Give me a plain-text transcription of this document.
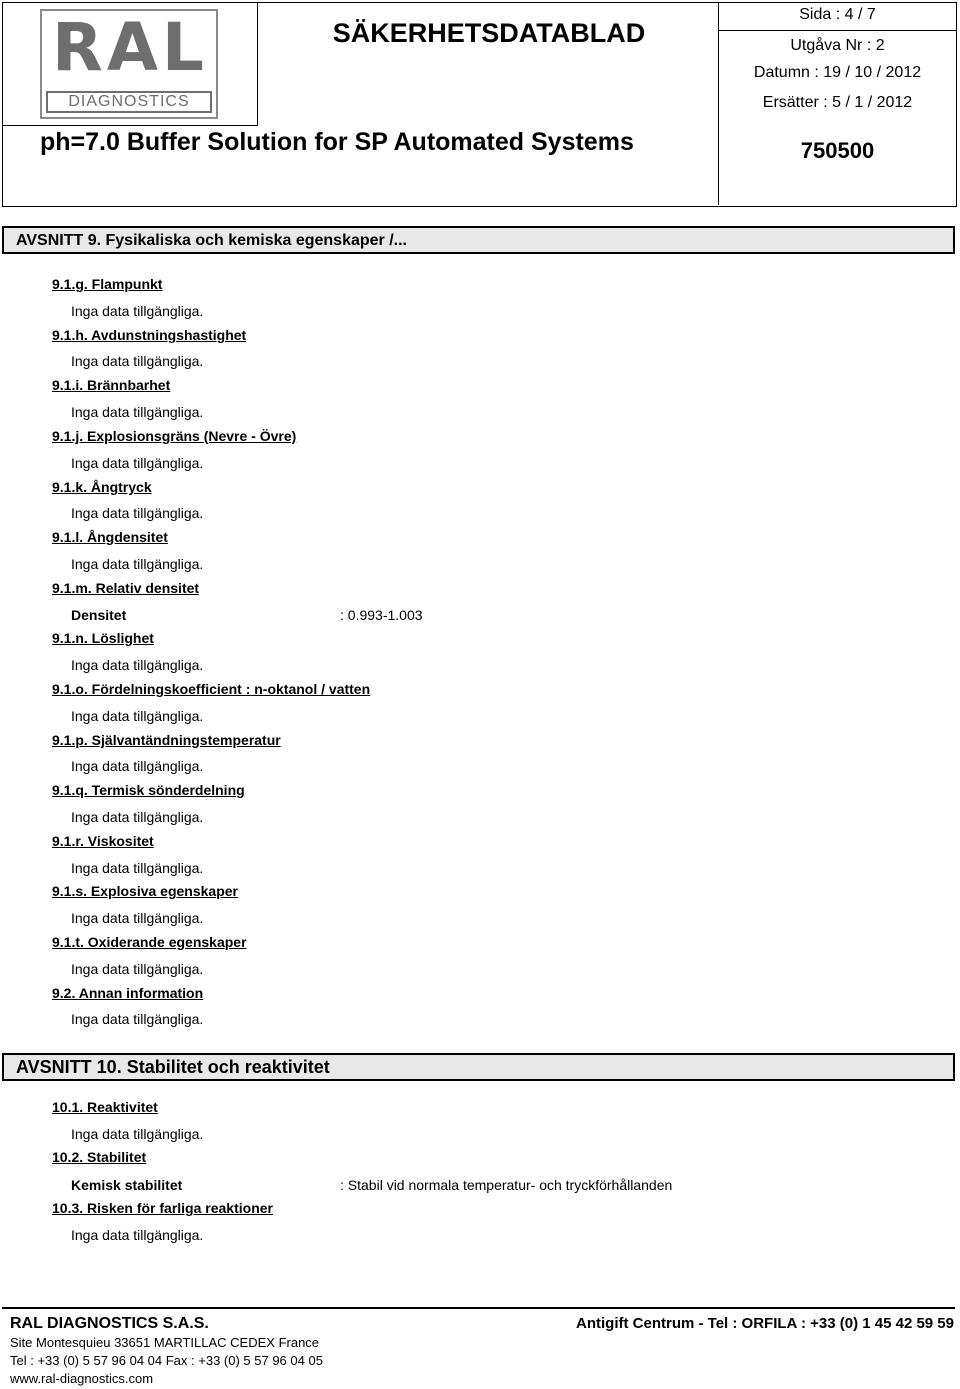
RAL
DIAGNOSTICS
SÄKERHETSDATABLAD
Sida : 4 / 7
Utgåva Nr : 2
Datumn : 19 / 10 / 2012
Ersätter : 5 / 1 / 2012
ph=7.0 Buffer Solution for SP Automated Systems	750500
AVSNITT 9. Fysikaliska och kemiska egenskaper /...
9.1.g. Flampunkt
Inga data tillgängliga.
9.1.h. Avdunstningshastighet
Inga data tillgängliga.
9.1.i. Brännbarhet
Inga data tillgängliga.
9.1.j. Explosionsgräns (Nevre - Övre)
Inga data tillgängliga.
9.1.k. Ångtryck
Inga data tillgängliga.
9.1.l. Ångdensitet
Inga data tillgängliga.
9.1.m. Relativ densitet
Densitet	: 0.993-1.003
9.1.n. Löslighet
Inga data tillgängliga.
9.1.o. Fördelningskoefficient : n-oktanol / vatten
Inga data tillgängliga.
9.1.p. Självantändningstemperatur
Inga data tillgängliga.
9.1.q. Termisk sönderdelning
Inga data tillgängliga.
9.1.r. Viskositet
Inga data tillgängliga.
9.1.s. Explosiva egenskaper
Inga data tillgängliga.
9.1.t. Oxiderande egenskaper
Inga data tillgängliga.
9.2. Annan information
Inga data tillgängliga.
AVSNITT 10. Stabilitet och reaktivitet
10.1. Reaktivitet
Inga data tillgängliga.
10.2. Stabilitet
Kemisk stabilitet	: Stabil vid normala temperatur- och tryckförhållanden
10.3. Risken för farliga reaktioner
Inga data tillgängliga.
RAL DIAGNOSTICS S.A.S.	Antigift Centrum - Tel : ORFILA : +33 (0) 1 45 42 59 59
Site Montesquieu 33651 MARTILLAC CEDEX France
Tel : +33 (0) 5 57 96 04 04 Fax : +33 (0) 5 57 96 04 05
www.ral-diagnostics.com
